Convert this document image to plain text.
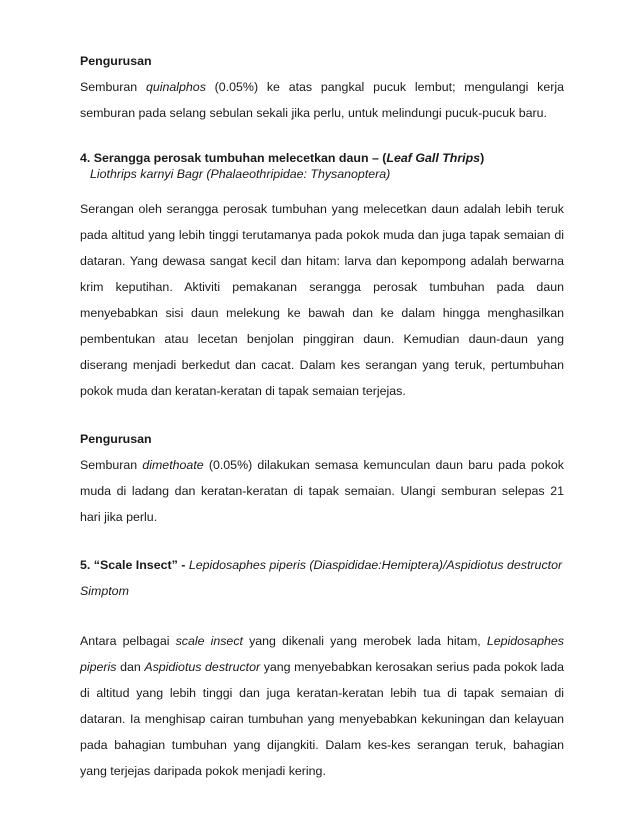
Pengurusan

Semburan quinalphos (0.05%) ke atas pangkal pucuk lembut; mengulangi kerja semburan pada selang sebulan sekali jika perlu, untuk melindungi pucuk-pucuk baru.

4. Serangga perosak tumbuhan melecetkan daun – (Leaf Gall Thrips)

Liothrips karnyi Bagr (Phalaeothripidae: Thysanoptera)

Serangan oleh serangga perosak tumbuhan yang melecetkan daun adalah lebih teruk

pada altitud yang lebih tinggi terutamanya pada pokok muda dan juga tapak semaian di

dataran. Yang dewasa sangat kecil dan hitam: larva dan kepompong adalah berwarna

krim keputihan. Aktiviti pemakanan serangga perosak tumbuhan pada daun

menyebabkan sisi daun melekung ke bawah dan ke dalam hingga menghasilkan

pembentukan atau lecetan benjolan pinggiran daun. Kemudian daun-daun yang

diserang menjadi berkedut dan cacat. Dalam kes serangan yang teruk, pertumbuhan

pokok muda dan keratan-keratan di tapak semaian terjejas.

Pengurusan

Semburan dimethoate (0.05%) dilakukan semasa kemunculan daun baru pada pokok

muda di ladang dan keratan-keratan di tapak semaian. Ulangi semburan selepas 21

hari jika perlu.

5. “Scale Insect” - Lepidosaphes piperis (Diaspididae:Hemiptera)/Aspidiotus destructor

Simptom

Antara pelbagai scale insect yang dikenali yang merobek lada hitam, Lepidosaphes

piperis dan Aspidiotus destructor yang menyebabkan kerosakan serius pada pokok lada

di altitud yang lebih tinggi dan juga keratan-keratan lebih tua di tapak semaian di

dataran. Ia menghisap cairan tumbuhan yang menyebabkan kekuningan dan kelayuan

pada bahagian tumbuhan yang dijangkiti. Dalam kes-kes serangan teruk, bahagian

yang terjejas daripada pokok menjadi kering.
